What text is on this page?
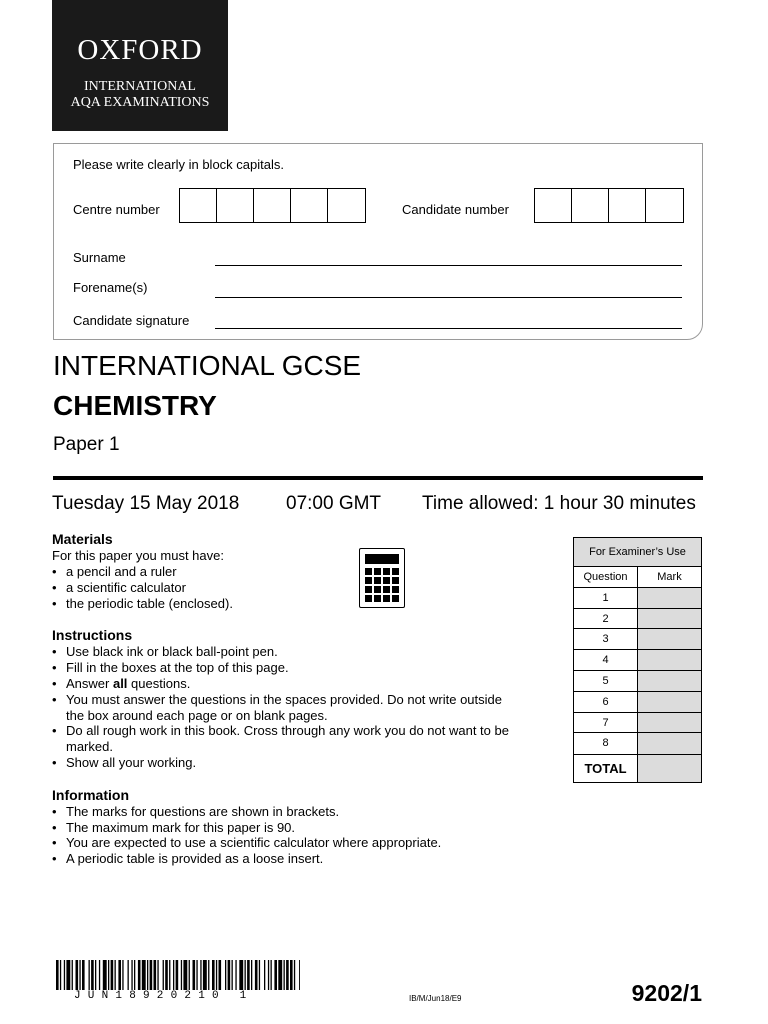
OXFORD
INTERNATIONAL
AQA EXAMINATIONS
Please write clearly in block capitals.
Centre number	Candidate number
Surname
Forename(s)
Candidate signature
INTERNATIONAL GCSE
CHEMISTRY
Paper 1
Tuesday 15 May 2018 07:00 GMT Time allowed: 1 hour 30 minutes
Materials
For this paper you must have:
• a pencil and a ruler
• a scientific calculator
• the periodic table (enclosed).
Instructions
• Use black ink or black ball-point pen.
• Fill in the boxes at the top of this page.
• Answer all questions.
• You must answer the questions in the spaces provided. Do not write outside the box around each page or on blank pages.
• Do all rough work in this book. Cross through any work you do not want to be marked.
• Show all your working.
Information
• The marks for questions are shown in brackets.
• The maximum mark for this paper is 90.
• You are expected to use a scientific calculator where appropriate.
• A periodic table is provided as a loose insert.
For Examiner’s Use
Question	Mark
1
2
3
4
5
6
7
8
TOTAL
JUN18920210 1	IB/M/Jun18/E9	9202/1
